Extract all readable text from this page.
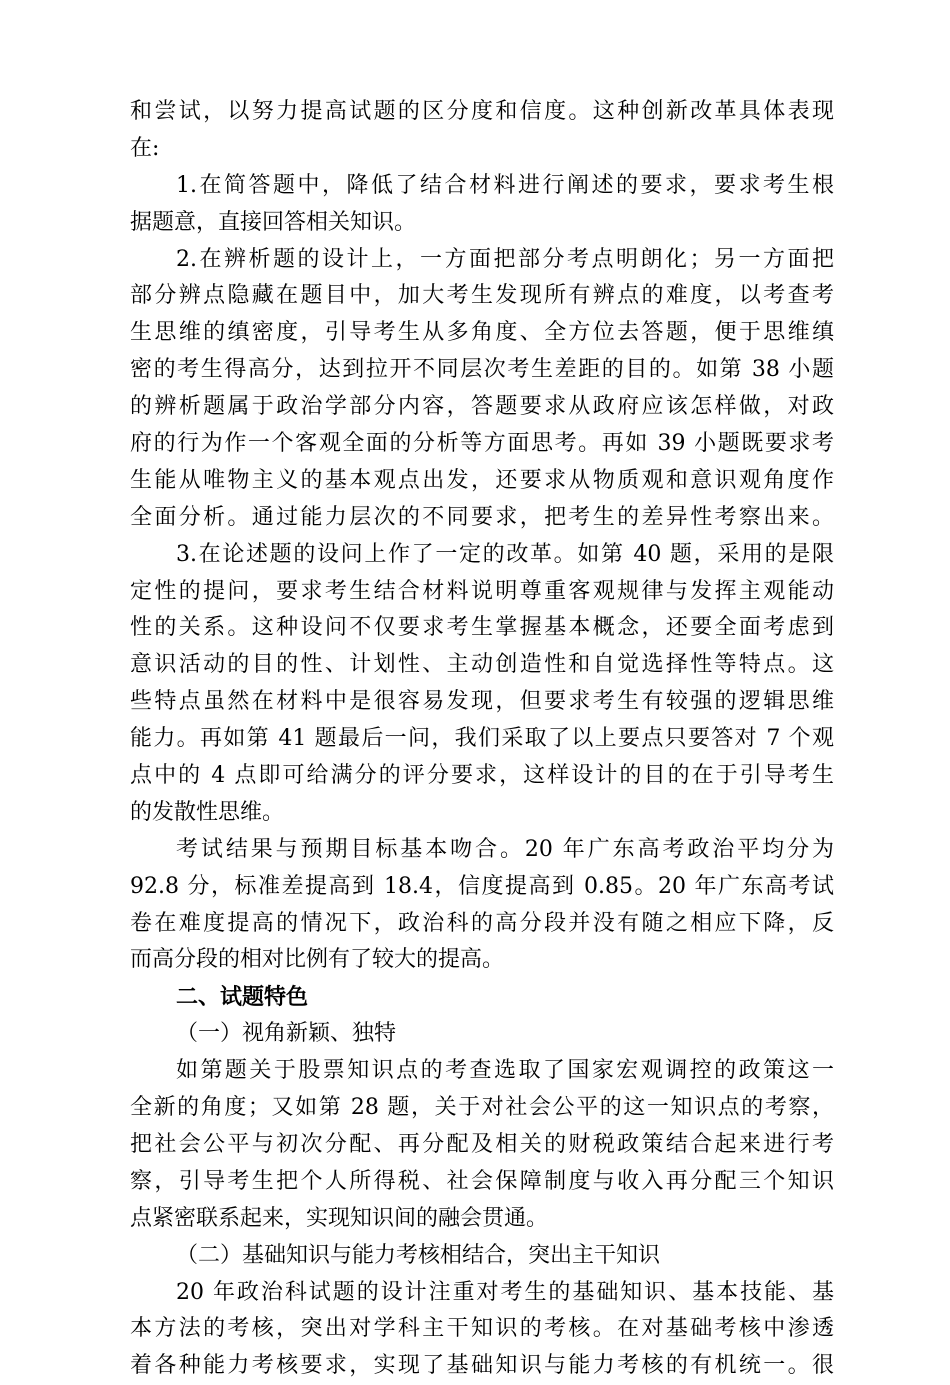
和尝试，以努力提高试题的区分度和信度。这种创新改革具体表现
在:
1.在简答题中，降低了结合材料进行阐述的要求，要求考生根
据题意，直接回答相关知识。
2.在辨析题的设计上，一方面把部分考点明朗化；另一方面把
部分辨点隐藏在题目中，加大考生发现所有辨点的难度，以考查考
生思维的缜密度，引导考生从多角度、全方位去答题，便于思维缜
密的考生得高分，达到拉开不同层次考生差距的目的。如第 38 小题
的辨析题属于政治学部分内容，答题要求从政府应该怎样做，对政
府的行为作一个客观全面的分析等方面思考。再如 39 小题既要求考
生能从唯物主义的基本观点出发，还要求从物质观和意识观角度作
全面分析。通过能力层次的不同要求，把考生的差异性考察出来。
3.在论述题的设问上作了一定的改革。如第 40 题，采用的是限
定性的提问，要求考生结合材料说明尊重客观规律与发挥主观能动
性的关系。这种设问不仅要求考生掌握基本概念，还要全面考虑到
意识活动的目的性、计划性、主动创造性和自觉选择性等特点。这
些特点虽然在材料中是很容易发现，但要求考生有较强的逻辑思维
能力。再如第 41 题最后一问，我们采取了以上要点只要答对 7 个观
点中的 4 点即可给满分的评分要求，这样设计的目的在于引导考生
的发散性思维。
考试结果与预期目标基本吻合。20 年广东高考政治平均分为
92.8 分，标准差提高到 18.4，信度提高到 0.85。20 年广东高考试
卷在难度提高的情况下，政治科的高分段并没有随之相应下降，反
而高分段的相对比例有了较大的提高。
二、试题特色
（一）视角新颖、独特
如第题关于股票知识点的考查选取了国家宏观调控的政策这一
全新的角度；又如第 28 题，关于对社会公平的这一知识点的考察，
把社会公平与初次分配、再分配及相关的财税政策结合起来进行考
察，引导考生把个人所得税、社会保障制度与收入再分配三个知识
点紧密联系起来，实现知识间的融会贯通。
（二）基础知识与能力考核相结合，突出主干知识
20 年政治科试题的设计注重对考生的基础知识、基本技能、基
本方法的考核，突出对学科主干知识的考核。在对基础考核中渗透
着各种能力考核要求，实现了基础知识与能力考核的有机统一。很
